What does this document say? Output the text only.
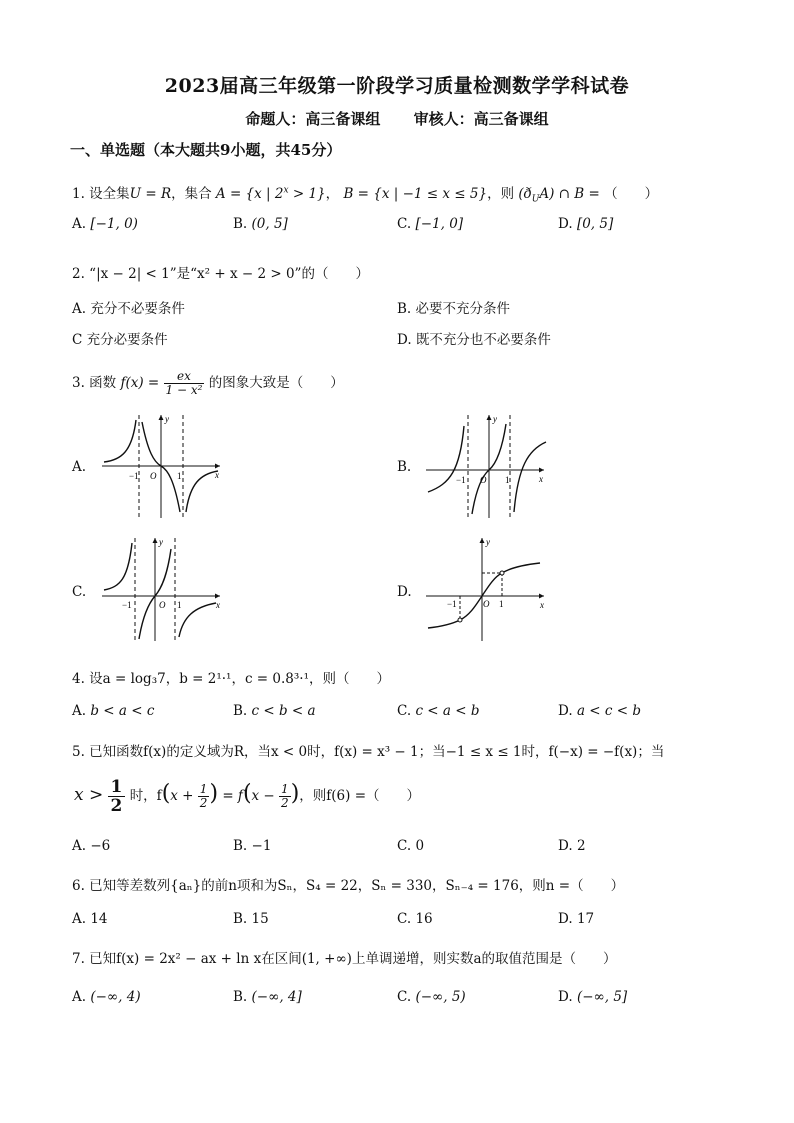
2023届高三年级第一阶段学习质量检测数学学科试卷
命题人：高三备课组 审核人：高三备课组
一、单选题（本大题共9小题，共45分）
1. 设全集U = R，集合 A = {x | $2^x > 1$}， B = {x | −1 ≤ x ≤ 5}，则 $(ð_UA)$ ∩ B = （　　）
A. [−1, 0)	B. (0, 5]	C. [−1, 0]	D. [0, 5]
2. “|x − 2| < 1”是“x² + x − 2 > 0”的（　　）
A. 充分不必要条件	B. 必要不充分条件
C 充分必要条件	D. 既不充分也不必要条件
3. 函数 $f(x) = \frac{ex}{\text{1 − x²}}$ 的图象大致是（　　）
A.	B.
C.	D.
y
x
O
−1	1
y
x
O
−1	1
y
x
O
−1	1
y
x
O
−1	1
4. 设a = log₃7，b = 2¹·¹，c = 0.8³·¹，则（　　）
A. b < a < c	B. c < b < a	C. c < a < b	D. a < c < b
5. 已知函数f(x)的定义域为R，当x < 0时，f(x) = x³ − 1；当−1 ≤ x ≤ 1时，f(−x) = −f(x)；当
$x > \frac{1}{2}$ 时，$f(x + \frac{1}{2}$ ) = $f(x - \frac{1}{2}$ )，则f(6) =（　　）
A. −6	B. −1	C. 0	D. 2
6. 已知等差数列{aₙ}的前n项和为Sₙ，S₄ = 22，Sₙ = 330，Sₙ₋₄ = 176，则n =（　　）
A. 14	B. 15	C. 16	D. 17
7. 已知f(x) = 2x² − ax + ln x在区间(1, +∞)上单调递增，则实数a的取值范围是（　　）
A. (−∞, 4)	B. (−∞, 4]	C. (−∞, 5)	D. (−∞, 5]
